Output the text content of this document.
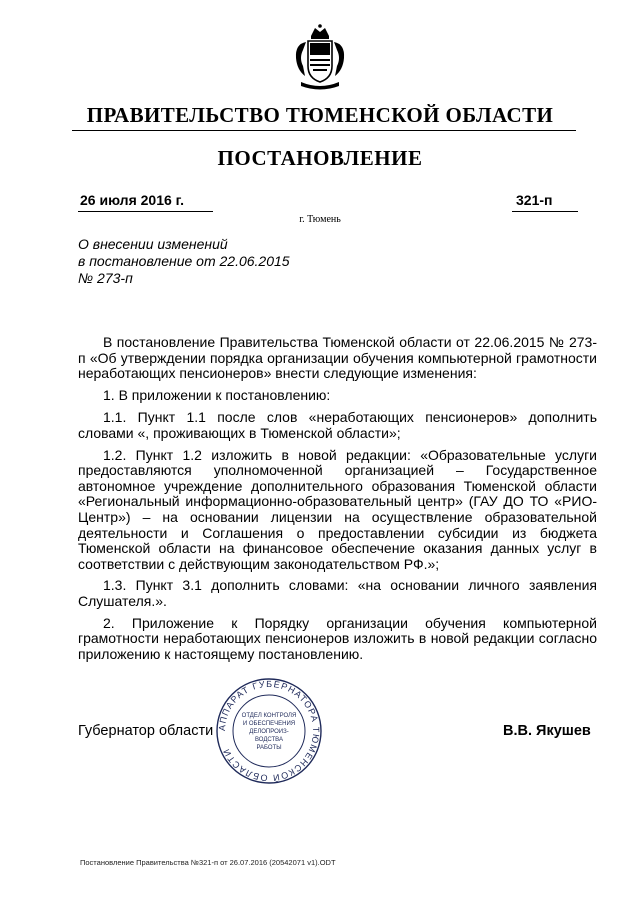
ПРАВИТЕЛЬСТВО ТЮМЕНСКОЙ ОБЛАСТИ
ПОСТАНОВЛЕНИЕ
26 июля 2016 г.	321-п
г. Тюмень
О внесении изменений
в постановление от 22.06.2015
№ 273-п

В постановление Правительства Тюменской области от 22.06.2015 № 273-п «Об утверждении порядка организации обучения компьютерной грамотности неработающих пенсионеров» внести следующие изменения:

1. В приложении к постановлению:

1.1. Пункт 1.1 после слов «неработающих пенсионеров» дополнить словами «, проживающих в Тюменской области»;

1.2. Пункт 1.2 изложить в новой редакции: «Образовательные услуги предоставляются уполномоченной организацией – Государственное автономное учреждение дополнительного образования Тюменской области «Региональный информационно-образовательный центр» (ГАУ ДО ТО «РИО-Центр») – на основании лицензии на осуществление образовательной деятельности и Соглашения о предоставлении субсидии из бюджета Тюменской области на финансовое обеспечение оказания данных услуг в соответствии с действующим законодательством РФ.»;

1.3. Пункт 3.1 дополнить словами: «на основании личного заявления Слушателя.».

2. Приложение к Порядку организации обучения компьютерной грамотности неработающих пенсионеров изложить в новой редакции согласно приложению к настоящему постановлению.

Губернатор области АППАРАТ ГУБЕРНАТОРА ТЮМЕНСКОЙ ОБЛАСТИ
ОТДЕЛ КОНТРОЛЯ
И ОБЕСПЕЧЕНИЯ
ДЕЛОПРОИЗ-
ВОДСТВА
РАБОТЫ
В.В. Якушев
Постановление Правительства №321-п от 26.07.2016 (20542071 v1).ODT
